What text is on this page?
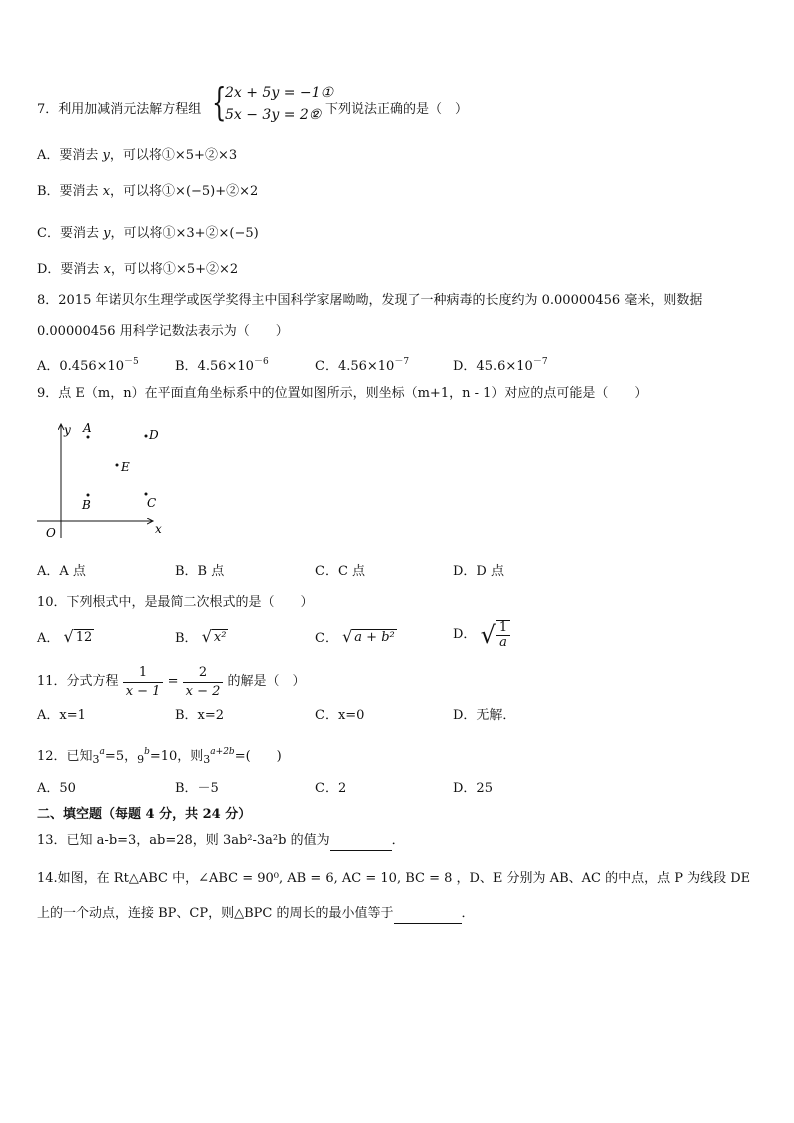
7．利用加减消元法解方程组 {
2x + 5y = −1①
5x − 3y = 2②
，下列说法正确的是（　）
A．要消去 y，可以将①×5+②×3
B．要消去 x，可以将①×(−5)+②×2
C．要消去 y，可以将①×3+②×(−5)
D．要消去 x，可以将①×5+②×2
8．2015 年诺贝尔生理学或医学奖得主中国科学家屠呦呦，发现了一种病毒的长度约为 0.00000456 毫米，则数据
0.00000456 用科学记数法表示为（　　）
A．$0.456\times 10^{-5}$	B．$4.56\times 10^{-6}$	C．$4.56\times 10^{-7}$	D．$45.6\times 10^{-7}$
9．点 E（m，n）在平面直角坐标系中的位置如图所示，则坐标（m+1，n - 1）对应的点可能是（　　）
y
x
O
A	D
E
B	C
A．A 点	B．B 点	C．C 点	D．D 点
10．下列根式中，是最简二次根式的是（　　）
A． √ 12	B． √ x²	C． √ a + b²	D． √ $\frac{1}{a}$
11．分式方程 $\frac{1}{x - 1} = \frac{2}{x - 2}$ 的解是（　）
A．x=1	B．x=2	C．x=0	D．无解．
12．已知$_3^a$=5，$_9^b$=10，则$_3^{a+2b}$=(　　)
A．50	B．－5	C．2	D．25
二、填空题（每题 4 分，共 24 分）
13．已知 a-b=3，ab=28，则 3ab²-3a²b 的值为	．
14.如图，在 Rt△ABC 中，∠ABC = 90⁰, AB = 6, AC = 10, BC = 8 ，D、E 分别为 AB、AC 的中点，点 P 为线段 DE
上的一个动点，连接 BP、CP，则△BPC 的周长的最小值等于	．
